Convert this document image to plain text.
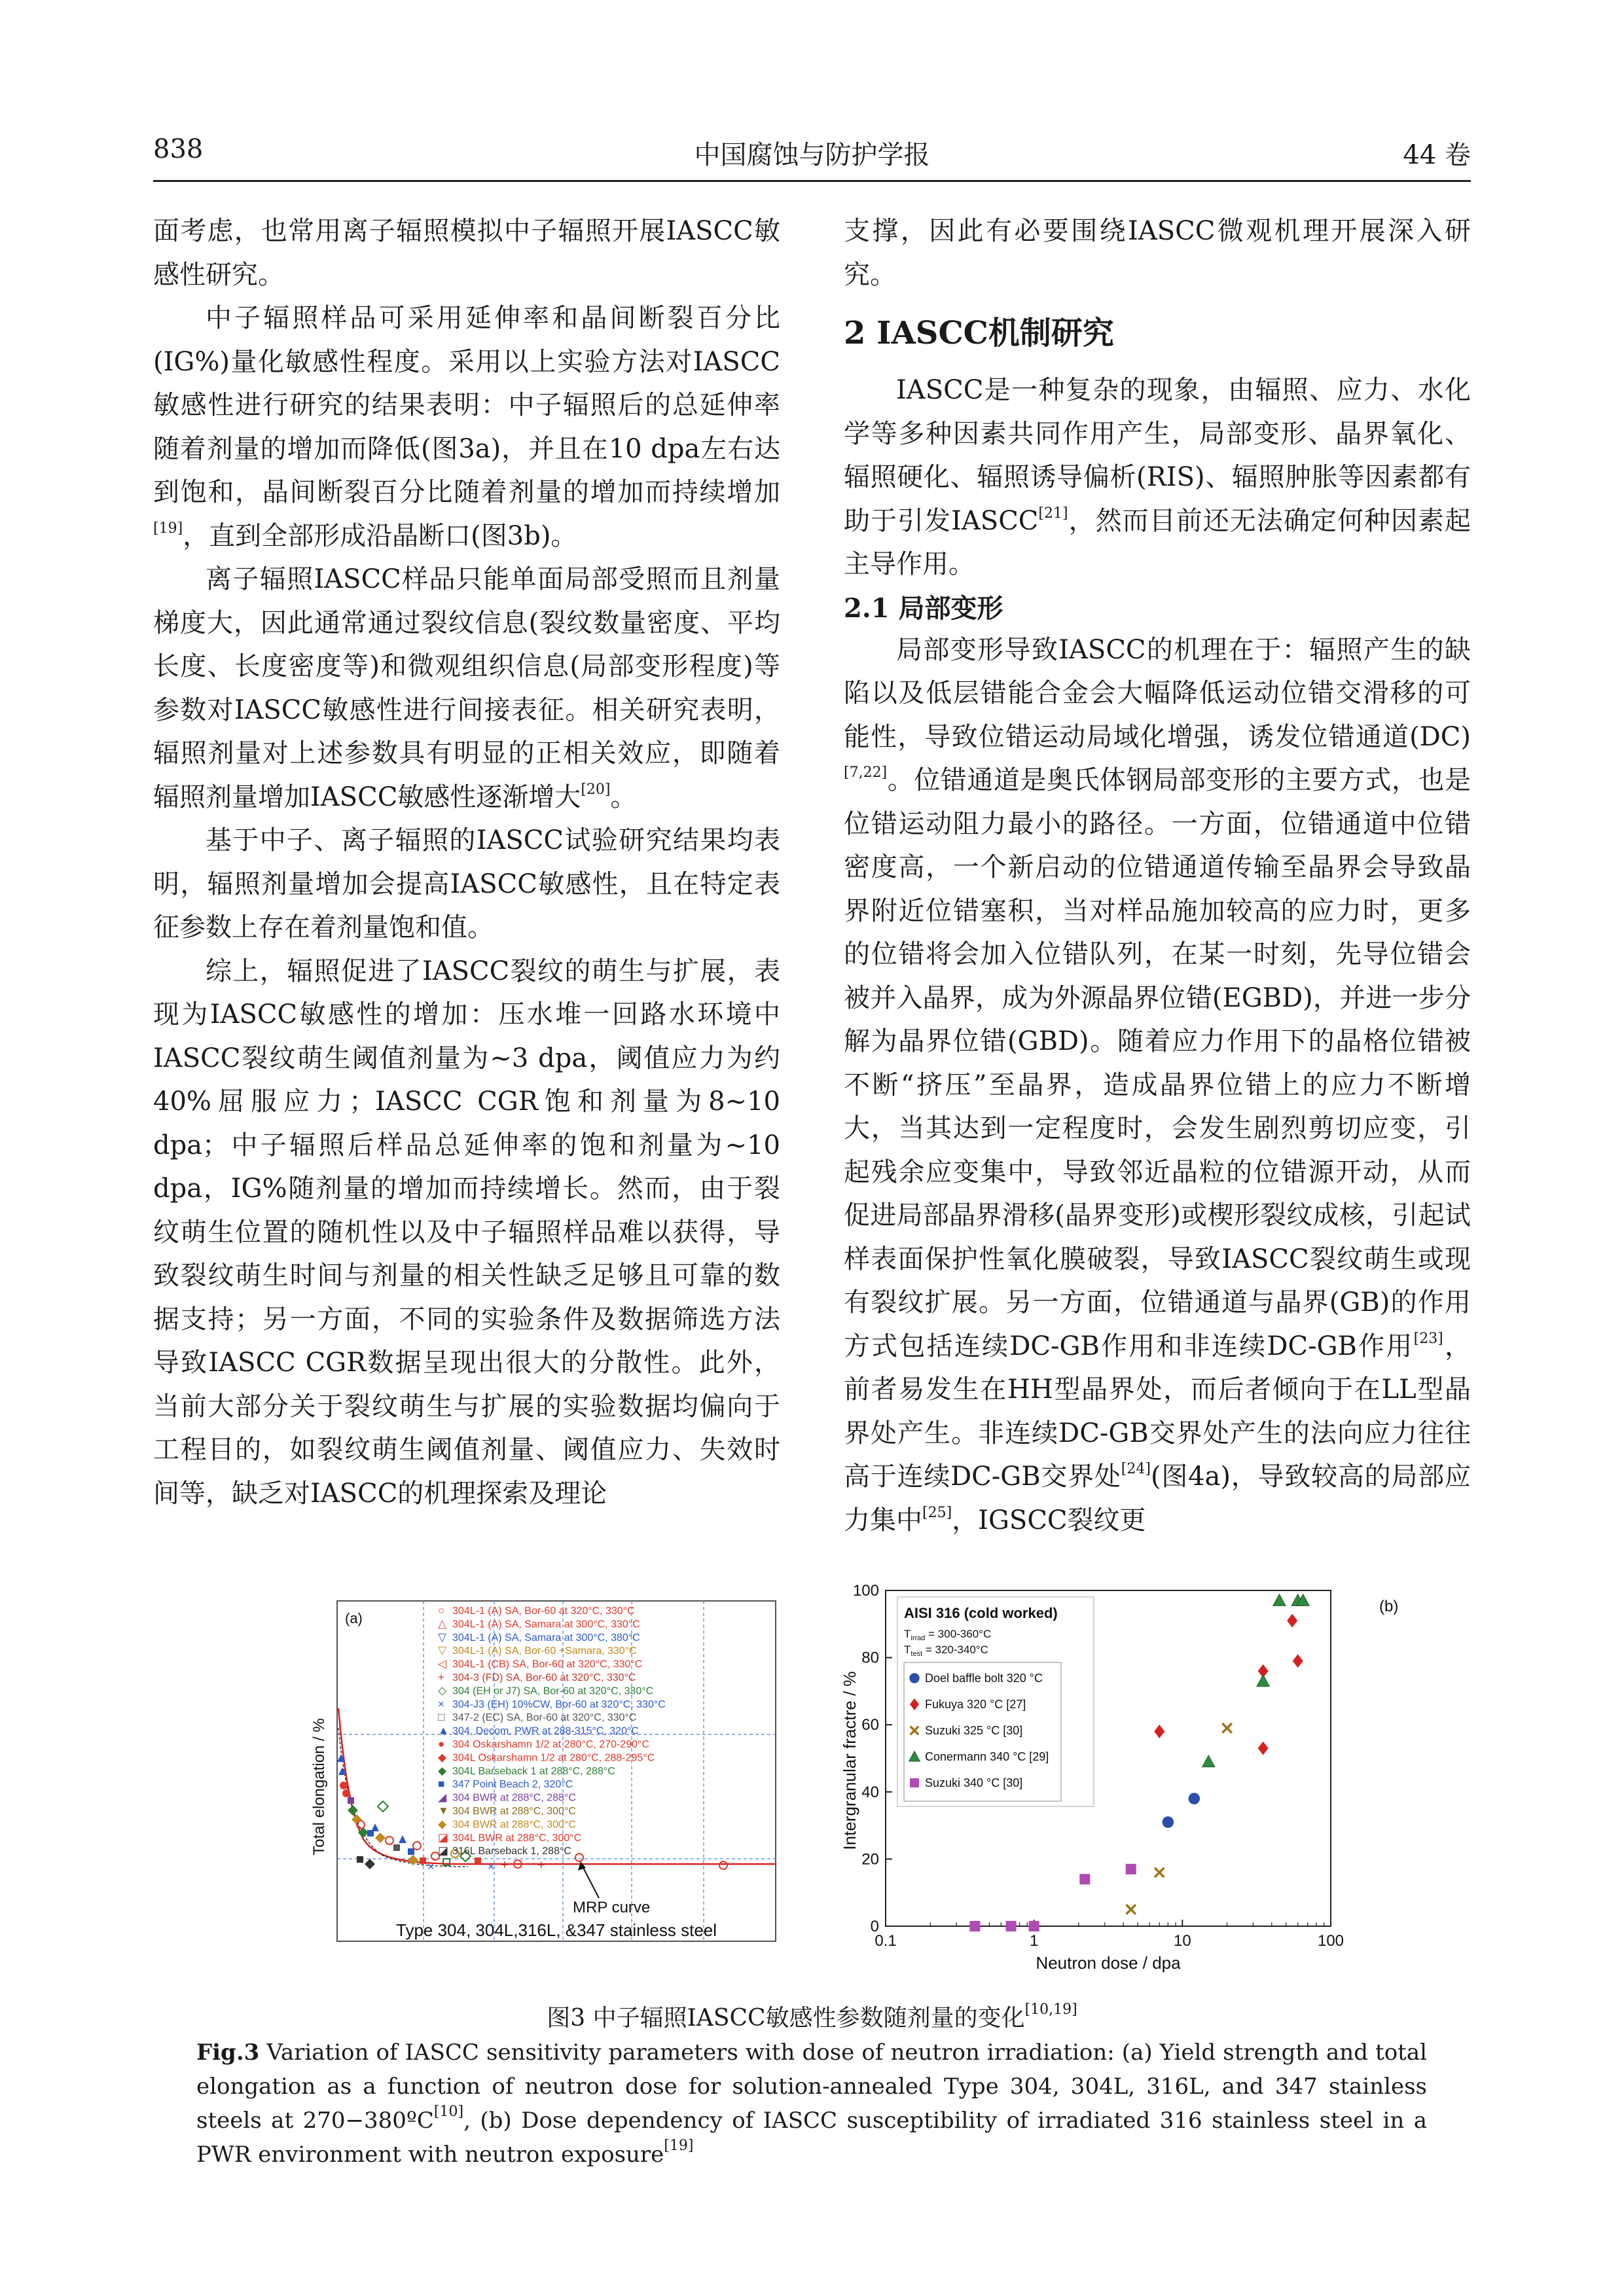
838	中国腐蚀与防护学报	44 卷

面考虑，也常用离子辐照模拟中子辐照开展IASCC敏感性研究。

中子辐照样品可采用延伸率和晶间断裂百分比(IG%)量化敏感性程度。采用以上实验方法对IASCC敏感性进行研究的结果表明：中子辐照后的总延伸率随着剂量的增加而降低(图3a)，并且在10 dpa左右达到饱和，晶间断裂百分比随着剂量的增加而持续增加[19]，直到全部形成沿晶断口(图3b)。

离子辐照IASCC样品只能单面局部受照而且剂量梯度大，因此通常通过裂纹信息(裂纹数量密度、平均长度、长度密度等)和微观组织信息(局部变形程度)等参数对IASCC敏感性进行间接表征。相关研究表明，辐照剂量对上述参数具有明显的正相关效应，即随着辐照剂量增加IASCC敏感性逐渐增大[20]。

基于中子、离子辐照的IASCC试验研究结果均表明，辐照剂量增加会提高IASCC敏感性，且在特定表征参数上存在着剂量饱和值。

综上，辐照促进了IASCC裂纹的萌生与扩展，表现为IASCC敏感性的增加：压水堆一回路水环境中IASCC裂纹萌生阈值剂量为~3 dpa，阈值应力为约40%屈服应力；IASCC CGR饱和剂量为8~10 dpa；中子辐照后样品总延伸率的饱和剂量为~10 dpa，IG%随剂量的增加而持续增长。然而，由于裂纹萌生位置的随机性以及中子辐照样品难以获得，导致裂纹萌生时间与剂量的相关性缺乏足够且可靠的数据支持；另一方面，不同的实验条件及数据筛选方法导致IASCC CGR数据呈现出很大的分散性。此外，当前大部分关于裂纹萌生与扩展的实验数据均偏向于工程目的，如裂纹萌生阈值剂量、阈值应力、失效时间等，缺乏对IASCC的机理探索及理论

支撑，因此有必要围绕IASCC微观机理开展深入研究。

2 IASCC机制研究

IASCC是一种复杂的现象，由辐照、应力、水化学等多种因素共同作用产生，局部变形、晶界氧化、辐照硬化、辐照诱导偏析(RIS)、辐照肿胀等因素都有助于引发IASCC[21]，然而目前还无法确定何种因素起主导作用。

2.1 局部变形

局部变形导致IASCC的机理在于：辐照产生的缺陷以及低层错能合金会大幅降低运动位错交滑移的可能性，导致位错运动局域化增强，诱发位错通道(DC)[7,22]。位错通道是奥氏体钢局部变形的主要方式，也是位错运动阻力最小的路径。一方面，位错通道中位错密度高，一个新启动的位错通道传输至晶界会导致晶界附近位错塞积，当对样品施加较高的应力时，更多的位错将会加入位错队列，在某一时刻，先导位错会被并入晶界，成为外源晶界位错(EGBD)，并进一步分解为晶界位错(GBD)。随着应力作用下的晶格位错被不断“挤压”至晶界，造成晶界位错上的应力不断增大，当其达到一定程度时，会发生剧烈剪切应变，引起残余应变集中，导致邻近晶粒的位错源开动，从而促进局部晶界滑移(晶界变形)或楔形裂纹成核，引起试样表面保护性氧化膜破裂，导致IASCC裂纹萌生或现有裂纹扩展。另一方面，位错通道与晶界(GB)的作用方式包括连续DC-GB作用和非连续DC-GB作用[23]，前者易发生在HH型晶界处，而后者倾向于在LL型晶界处产生。非连续DC-GB交界处产生的法向应力往往高于连续DC-GB交界处[24](图4a)，导致较高的局部应力集中[25]，IGSCC裂纹更

×	× + +
Total elongation / %
(a)
MRP curve
Type 304, 304L,316L, &347 stainless steel
○ 304L-1 (A) SA, Bor-60 at 320°C, 330°C
△ 304L-1 (A) SA, Samara at 300°C, 330°C
▽ 304L-1 (A) SA, Samara at 300°C, 380°C
▽ 304L-1 (A) SA, Bor-60 +Samara, 330°C
◁ 304L-1 (CB) SA, Bor-60 at 320°C, 330°C
+ 304-3 (FD) SA, Bor-60 at 320°C, 330°C
◇ 304 (EH or J7) SA, Bor-60 at 320°C, 330°C
× 304-J3 (EH) 10%CW, Bor-60 at 320°C, 330°C
□ 347-2 (EC) SA, Bor-60 at 320°C, 330°C
▲ 304, Decom. PWR at 288-315°C, 320°C
● 304 Oskarshamn 1/2 at 280°C, 270-290°C
◆ 304L Oskarshamn 1/2 at 280°C, 288-295°C
◆ 304L Barseback 1 at 288°C, 288°C
■ 347 Point Beach 2, 320°C
◢ 304 BWR at 288°C, 288°C
▼ 304 BWR at 288°C, 300°C
◆ 304 BWR at 288°C, 300°C
◪ 304L BWR at 288°C, 300°C
◪ 316L Barseback 1, 288°C
0
20
40
60
80
100
0.1	1	10	100
AISI 316 (cold worked)
$T_{irrad} = 300-360^\circ C$
$T_{test} = 320-340^\circ C$
Doel baffle bolt 320 °C
Fukuya 320 °C [27]
Suzuki 325 °C [30]
Conermann 340 °C [29]
Suzuki 340 °C [30]
(b)
Neutron dose / dpa
Intergranular fractre / %
图3 中子辐照IASCC敏感性参数随剂量的变化[10,19]
Fig.3 Variation of IASCC sensitivity parameters with dose of neutron irradiation: (a) Yield strength and total elongation as a function of neutron dose for solution-annealed Type 304, 304L, 316L, and 347 stainless steels at 270−380ºC[10], (b) Dose dependency of IASCC susceptibility of irradiated 316 stainless steel in a PWR environment with neutron exposure[19]
